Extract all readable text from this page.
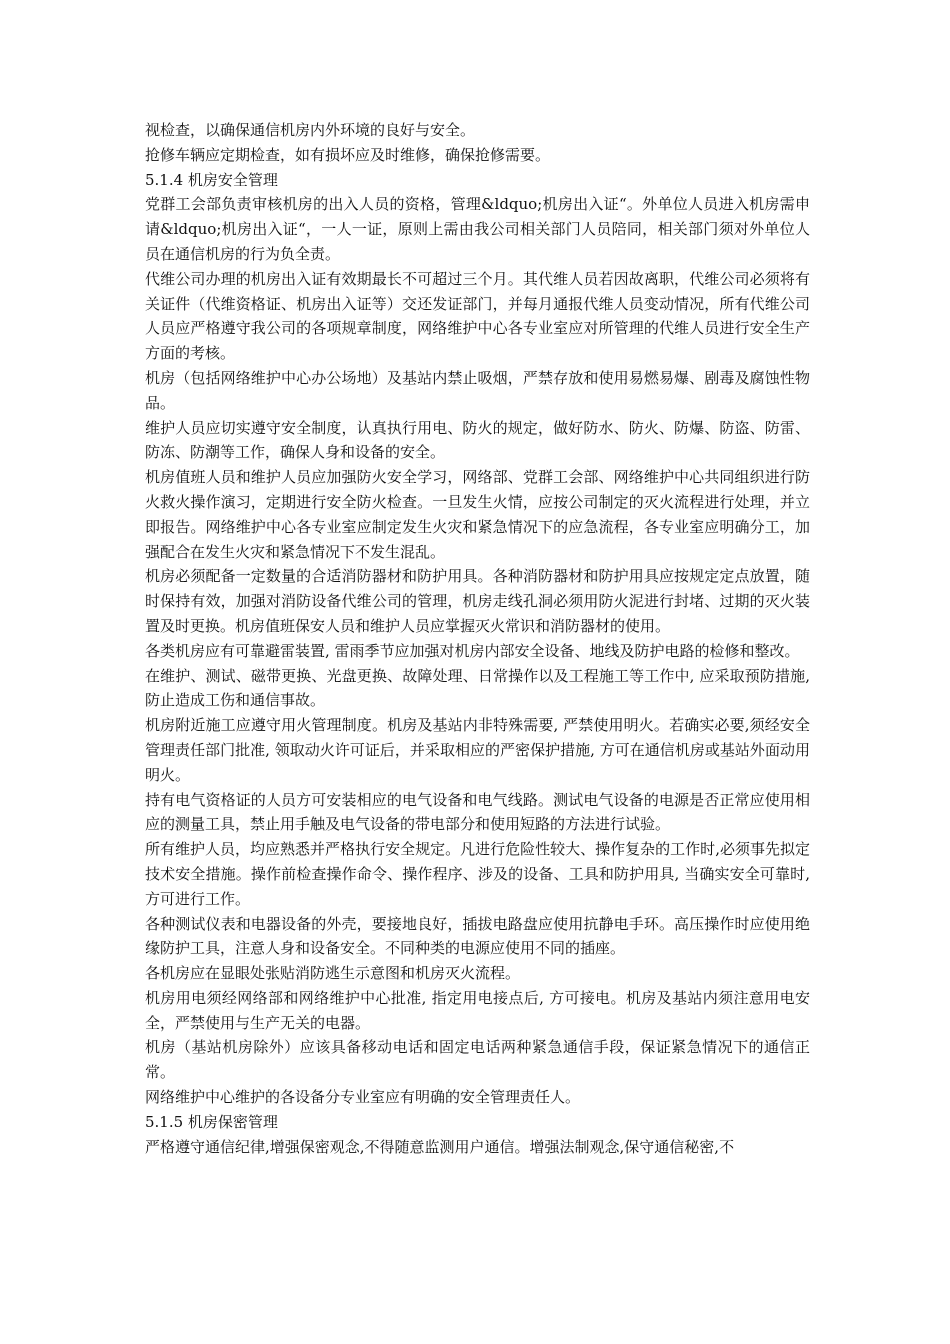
视检查，以确保通信机房内外环境的良好与安全。

抢修车辆应定期检查，如有损坏应及时维修，确保抢修需要。

5.1.4 机房安全管理

党群工会部负责审核机房的出入人员的资格，管理&ldquo;机房出入证“。外单位人员进入机房需申请&ldquo;机房出入证“，一人一证，原则上需由我公司相关部门人员陪同，相关部门须对外单位人员在通信机房的行为负全责。

代维公司办理的机房出入证有效期最长不可超过三个月。其代维人员若因故离职，代维公司必须将有关证件（代维资格证、机房出入证等）交还发证部门，并每月通报代维人员变动情况，所有代维公司人员应严格遵守我公司的各项规章制度，网络维护中心各专业室应对所管理的代维人员进行安全生产方面的考核。

机房（包括网络维护中心办公场地）及基站内禁止吸烟，严禁存放和使用易燃易爆、剧毒及腐蚀性物品。

维护人员应切实遵守安全制度，认真执行用电、防火的规定，做好防水、防火、防爆、防盗、防雷、防冻、防潮等工作，确保人身和设备的安全。

机房值班人员和维护人员应加强防火安全学习，网络部、党群工会部、网络维护中心共同组织进行防火救火操作演习，定期进行安全防火检查。一旦发生火情，应按公司制定的灭火流程进行处理，并立即报告。网络维护中心各专业室应制定发生火灾和紧急情况下的应急流程，各专业室应明确分工，加强配合在发生火灾和紧急情况下不发生混乱。

机房必须配备一定数量的合适消防器材和防护用具。各种消防器材和防护用具应按规定定点放置，随时保持有效，加强对消防设备代维公司的管理，机房走线孔洞必须用防火泥进行封堵、过期的灭火装置及时更换。机房值班保安人员和维护人员应掌握灭火常识和消防器材的使用。

各类机房应有可靠避雷装置, 雷雨季节应加强对机房内部安全设备、地线及防护电路的检修和整改。

在维护、测试、磁带更换、光盘更换、故障处理、日常操作以及工程施工等工作中, 应采取预防措施, 防止造成工伤和通信事故。

机房附近施工应遵守用火管理制度。机房及基站内非特殊需要, 严禁使用明火。若确实必要,须经安全管理责任部门批准, 领取动火许可证后，并采取相应的严密保护措施, 方可在通信机房或基站外面动用明火。

持有电气资格证的人员方可安装相应的电气设备和电气线路。测试电气设备的电源是否正常应使用相应的测量工具，禁止用手触及电气设备的带电部分和使用短路的方法进行试验。

所有维护人员，均应熟悉并严格执行安全规定。凡进行危险性较大、操作复杂的工作时,必须事先拟定技术安全措施。操作前检查操作命令、操作程序、涉及的设备、工具和防护用具, 当确实安全可靠时, 方可进行工作。

各种测试仪表和电器设备的外壳，要接地良好，插拔电路盘应使用抗静电手环。高压操作时应使用绝缘防护工具，注意人身和设备安全。不同种类的电源应使用不同的插座。

各机房应在显眼处张贴消防逃生示意图和机房灭火流程。

机房用电须经网络部和网络维护中心批准, 指定用电接点后, 方可接电。机房及基站内须注意用电安全，严禁使用与生产无关的电器。

机房（基站机房除外）应该具备移动电话和固定电话两种紧急通信手段，保证紧急情况下的通信正常。

网络维护中心维护的各设备分专业室应有明确的安全管理责任人。

5.1.5 机房保密管理

严格遵守通信纪律,增强保密观念,不得随意监测用户通信。增强法制观念,保守通信秘密,不
